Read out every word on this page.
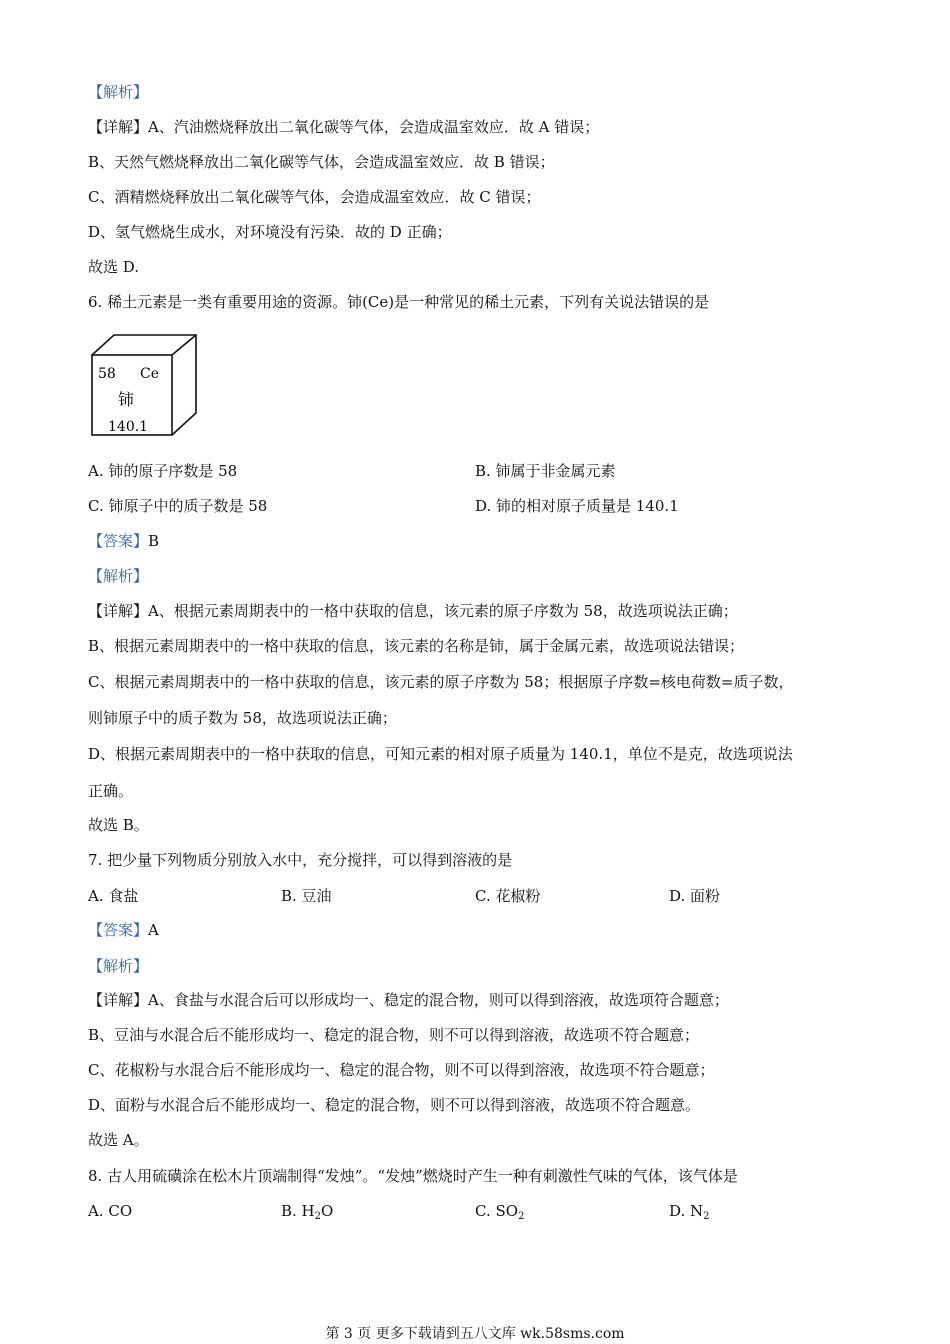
【解析】
【详解】A、汽油燃烧释放出二氧化碳等气体，会造成温室效应．故 A 错误；
B、天然气燃烧释放出二氧化碳等气体，会造成温室效应．故 B 错误；
C、酒精燃烧释放出二氧化碳等气体，会造成温室效应．故 C 错误；
D、氢气燃烧生成水，对环境没有污染．故的 D 正确；
故选 D.
6. 稀土元素是一类有重要用途的资源。铈(Ce)是一种常见的稀土元素，下列有关说法错误的是
58 Ce
铈
140.1
A. 铈的原子序数是 58	B. 铈属于非金属元素
C. 铈原子中的质子数是 58	D. 铈的相对原子质量是 140.1
【答案】B
【解析】
【详解】A、根据元素周期表中的一格中获取的信息，该元素的原子序数为 58，故选项说法正确；
B、根据元素周期表中的一格中获取的信息，该元素的名称是铈，属于金属元素，故选项说法错误；
C、根据元素周期表中的一格中获取的信息，该元素的原子序数为 58；根据原子序数=核电荷数=质子数，
则铈原子中的质子数为 58，故选项说法正确；
D、根据元素周期表中的一格中获取的信息，可知元素的相对原子质量为 140.1，单位不是克，故选项说法
正确。
故选 B。
7. 把少量下列物质分别放入水中，充分搅拌，可以得到溶液的是
A. 食盐	B. 豆油	C. 花椒粉	D. 面粉
【答案】A
【解析】
【详解】A、食盐与水混合后可以形成均一、稳定的混合物，则可以得到溶液，故选项符合题意；
B、豆油与水混合后不能形成均一、稳定的混合物，则不可以得到溶液，故选项不符合题意；
C、花椒粉与水混合后不能形成均一、稳定的混合物，则不可以得到溶液，故选项不符合题意；
D、面粉与水混合后不能形成均一、稳定的混合物，则不可以得到溶液，故选项不符合题意。
故选 A。
8. 古人用硫磺涂在松木片顶端制得“发烛”。“发烛”燃烧时产生一种有刺激性气味的气体，该气体是
A. CO	B. $H_2O$	C. $SO_2$	D. $N_2$
第 3 页 更多下载请到五八文库 wk.58sms.com
